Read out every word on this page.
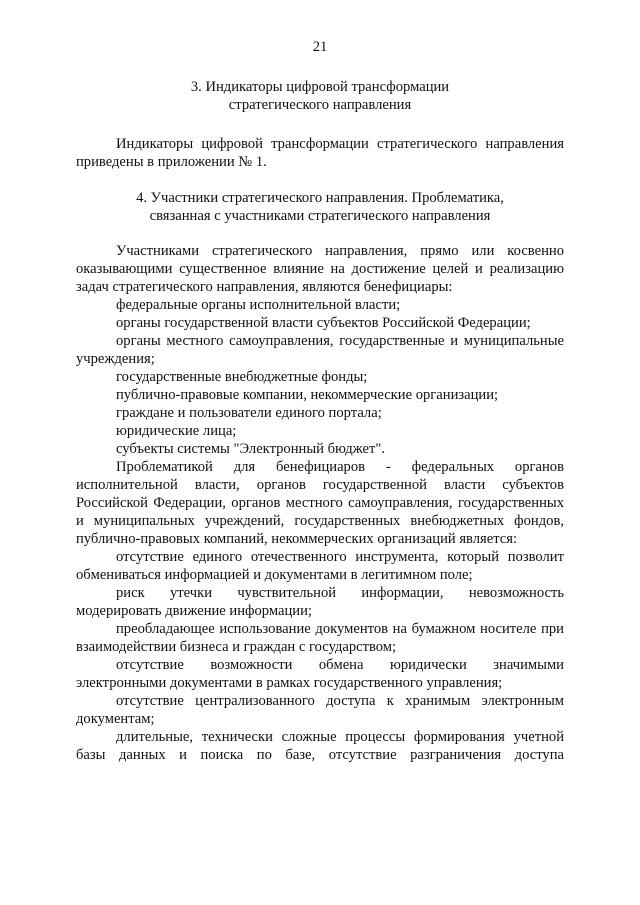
21
3. Индикаторы цифровой трансформации
стратегического направления

Индикаторы цифровой трансформации стратегического направления приведены в приложении № 1.

4. Участники стратегического направления. Проблематика,
связанная с участниками стратегического направления

Участниками стратегического направления, прямо или косвенно оказывающими существенное влияние на достижение целей и реализацию задач стратегического направления, являются бенефициары:

федеральные органы исполнительной власти;

органы государственной власти субъектов Российской Федерации;

органы местного самоуправления, государственные и муниципальные учреждения;

государственные внебюджетные фонды;

публично-правовые компании, некоммерческие организации;

граждане и пользователи единого портала;

юридические лица;

субъекты системы "Электронный бюджет".

Проблематикой для бенефициаров - федеральных органов исполнительной власти, органов государственной власти субъектов Российской Федерации, органов местного самоуправления, государственных и муниципальных учреждений, государственных внебюджетных фондов, публично-правовых компаний, некоммерческих организаций является:

отсутствие единого отечественного инструмента, который позволит обмениваться информацией и документами в легитимном поле;

риск утечки чувствительной информации, невозможность модерировать движение информации;

преобладающее использование документов на бумажном носителе при взаимодействии бизнеса и граждан с государством;

отсутствие возможности обмена юридически значимыми электронными документами в рамках государственного управления;

отсутствие централизованного доступа к хранимым электронным документам;

длительные, технически сложные процессы формирования учетной базы данных и поиска по базе, отсутствие разграничения доступа
